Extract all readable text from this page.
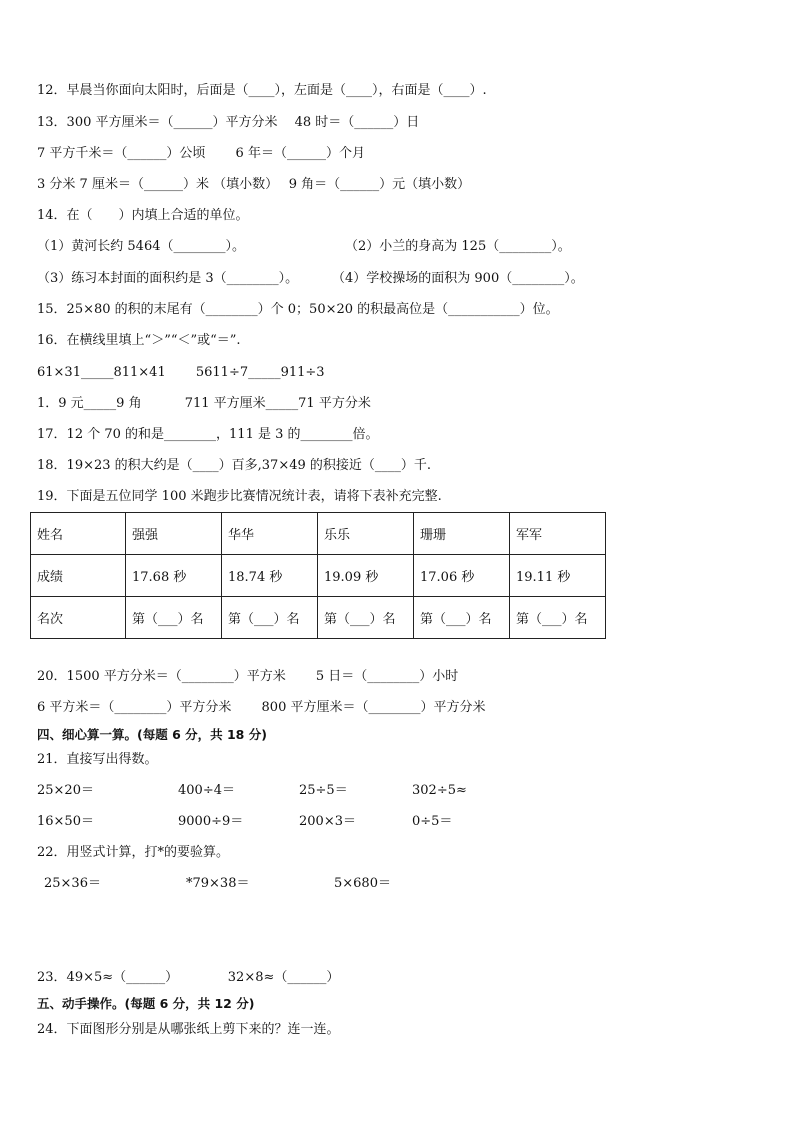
12．早晨当你面向太阳时，后面是（____），左面是（____），右面是（____）.
13．300 平方厘米＝（______）平方分米　 48 时＝（______）日
7 平方千米＝（______）公顷　　 6 年＝（______）个月
3 分米 7 厘米＝（______）米 （填小数）　 9 角＝（______）元（填小数）
14．在（　　）内填上合适的单位。
（1）黄河长约 5464（________）。	（2）小兰的身高为 125（________）。
（3）练习本封面的面积约是 3（________）。	（4）学校操场的面积为 900（________）。
15．25×80 的积的末尾有（________）个 0；50×20 的积最高位是（___________）位。
16．在横线里填上“＞”“＜”或“＝”.
61×31_____811×41　　 5611÷7_____911÷3
1．9 元_____9 角　　　 711 平方厘米_____71 平方分米
17．12 个 70 的和是________，111 是 3 的________倍。
18．19×23 的积大约是（____）百多,37×49 的积接近（____）千.
19．下面是五位同学 100 米跑步比赛情况统计表，请将下表补充完整.
姓名	强强	华华	乐乐	珊珊	军军
成绩	17.68 秒	18.74 秒	19.09 秒	17.06 秒	19.11 秒
名次	第（___）名	第（___）名	第（___）名	第（___）名	第（___）名
20．1500 平方分米＝（________）平方米　　 5 日＝（________）小时
6 平方米＝（________）平方分米　　 800 平方厘米＝（________）平方分米
四、细心算一算。(每题 6 分，共 18 分)
21．直接写出得数。
25×20＝	400÷4＝	25÷5＝	302÷5≈
16×50＝	9000÷9＝	200×3＝	0÷5＝
22．用竖式计算，打*的要验算。
25×36＝	*79×38＝	5×680＝
23．49×5≈（______）　　　　 32×8≈（______）
五、动手操作。(每题 6 分，共 12 分)
24．下面图形分别是从哪张纸上剪下来的？连一连。
